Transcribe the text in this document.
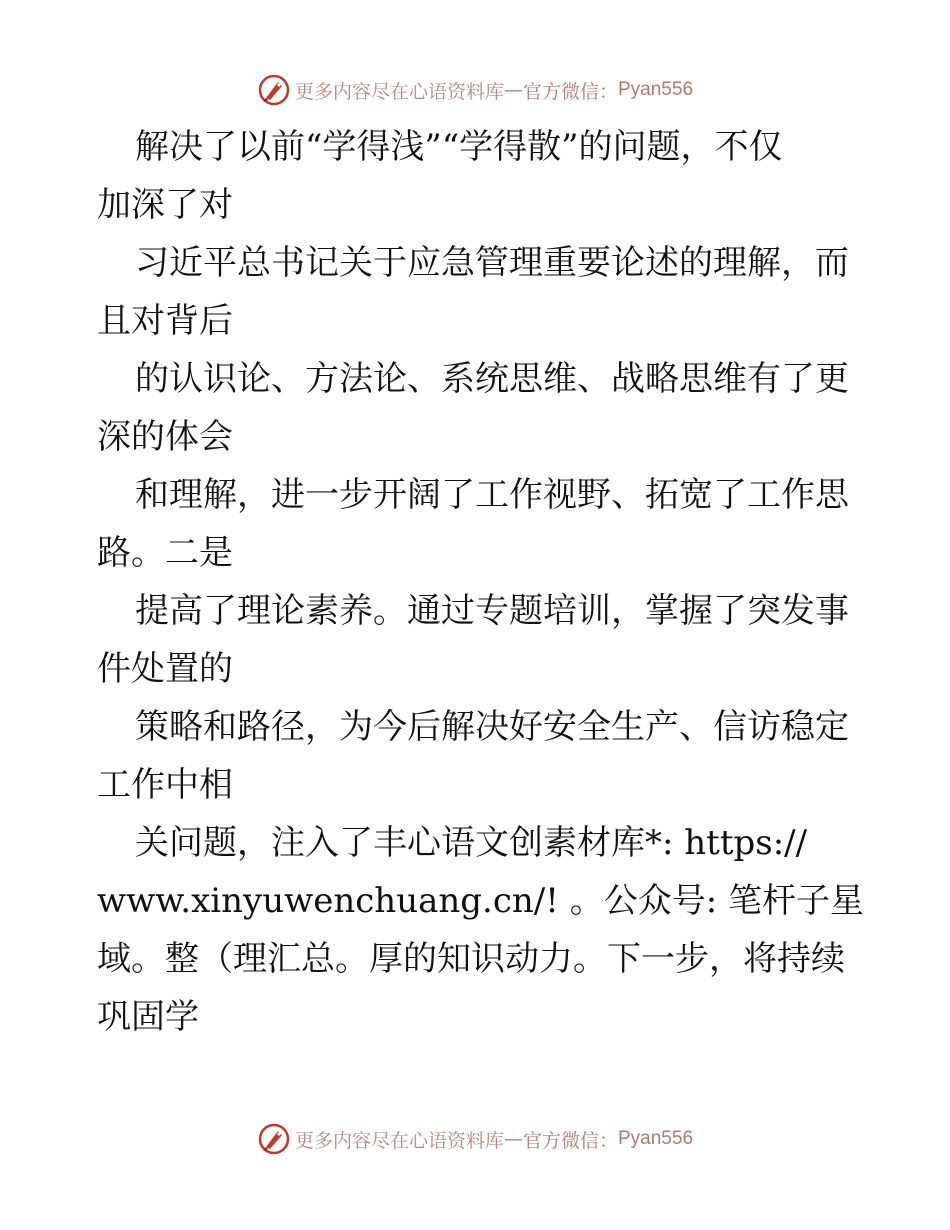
更多内容尽在心语资料库 — 官方微信： Pyan556
解决了以前“学得浅”“学得散”的问题，不仅
加深了对
习近平总书记关于应急管理重要论述的理解，而
且对背后
的认识论、方法论、系统思维、战略思维有了更
深的体会
和理解，进一步开阔了工作视野、拓宽了工作思
路。二是
提高了理论素养。通过专题培训，掌握了突发事
件处置的
策略和路径，为今后解决好安全生产、信访稳定
工作中相
关问题，注入了丰心语文创素材库*: https://
www.xinyuwenchuang.cn/! 。公众号: 笔杆子星
域。整（理汇总。厚的知识动力。下一步，将持续
巩固学
更多内容尽在心语资料库 — 官方微信： Pyan556
